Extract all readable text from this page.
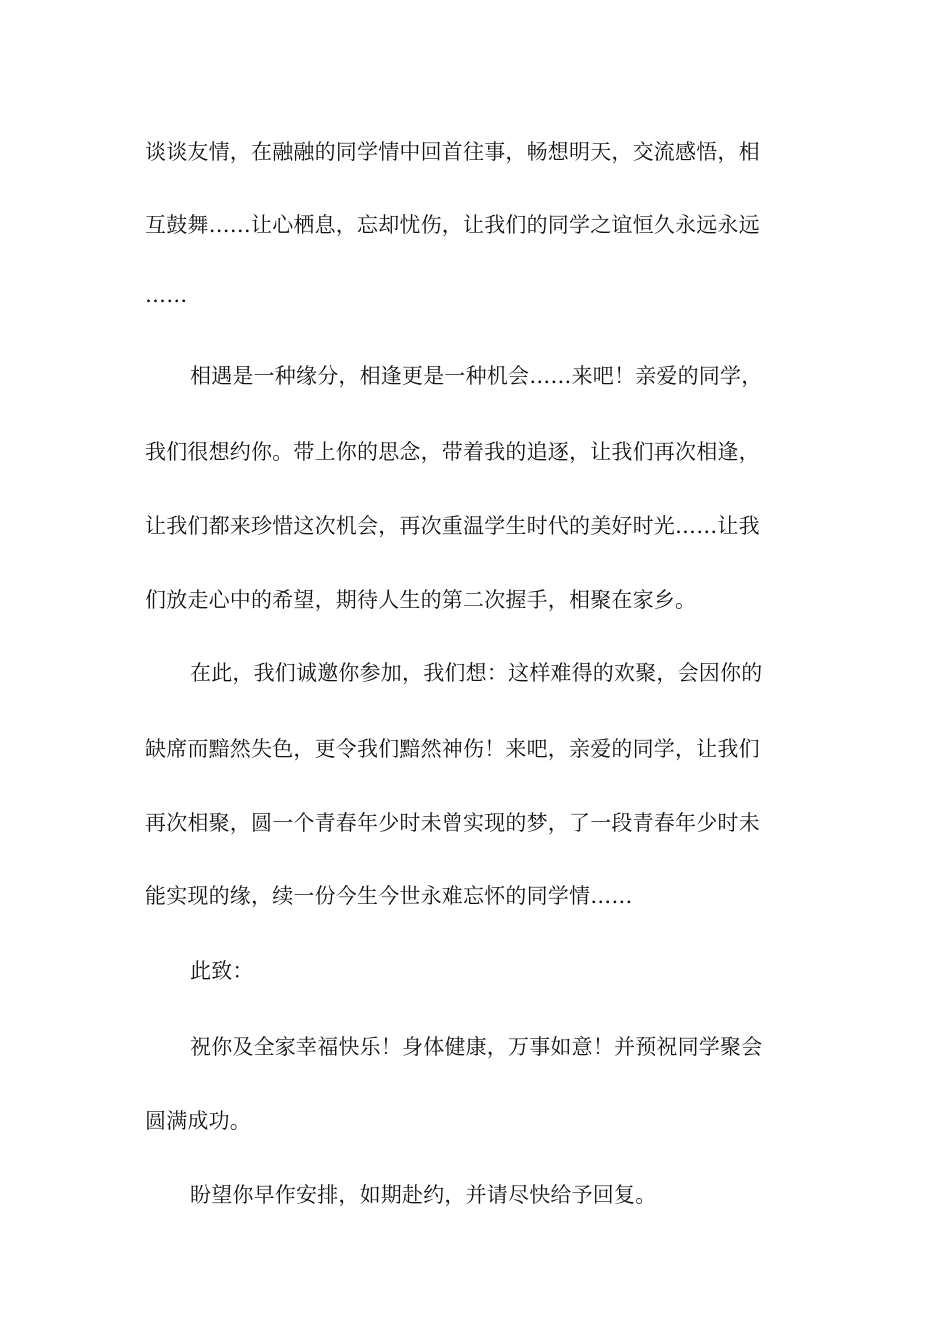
谈谈友情，在融融的同学情中回首往事，畅想明天，交流感悟，相
互鼓舞……让心栖息，忘却忧伤，让我们的同学之谊恒久永远永远
……
相遇是一种缘分，相逢更是一种机会……来吧！亲爱的同学，
我们很想约你。带上你的思念，带着我的追逐，让我们再次相逢，
让我们都来珍惜这次机会，再次重温学生时代的美好时光……让我
们放走心中的希望，期待人生的第二次握手，相聚在家乡。
在此，我们诚邀你参加，我们想：这样难得的欢聚，会因你的
缺席而黯然失色，更令我们黯然神伤！来吧，亲爱的同学，让我们
再次相聚，圆一个青春年少时未曾实现的梦，了一段青春年少时未
能实现的缘，续一份今生今世永难忘怀的同学情……
此致：
祝你及全家幸福快乐！身体健康，万事如意！并预祝同学聚会
圆满成功。
盼望你早作安排，如期赴约，并请尽快给予回复。
